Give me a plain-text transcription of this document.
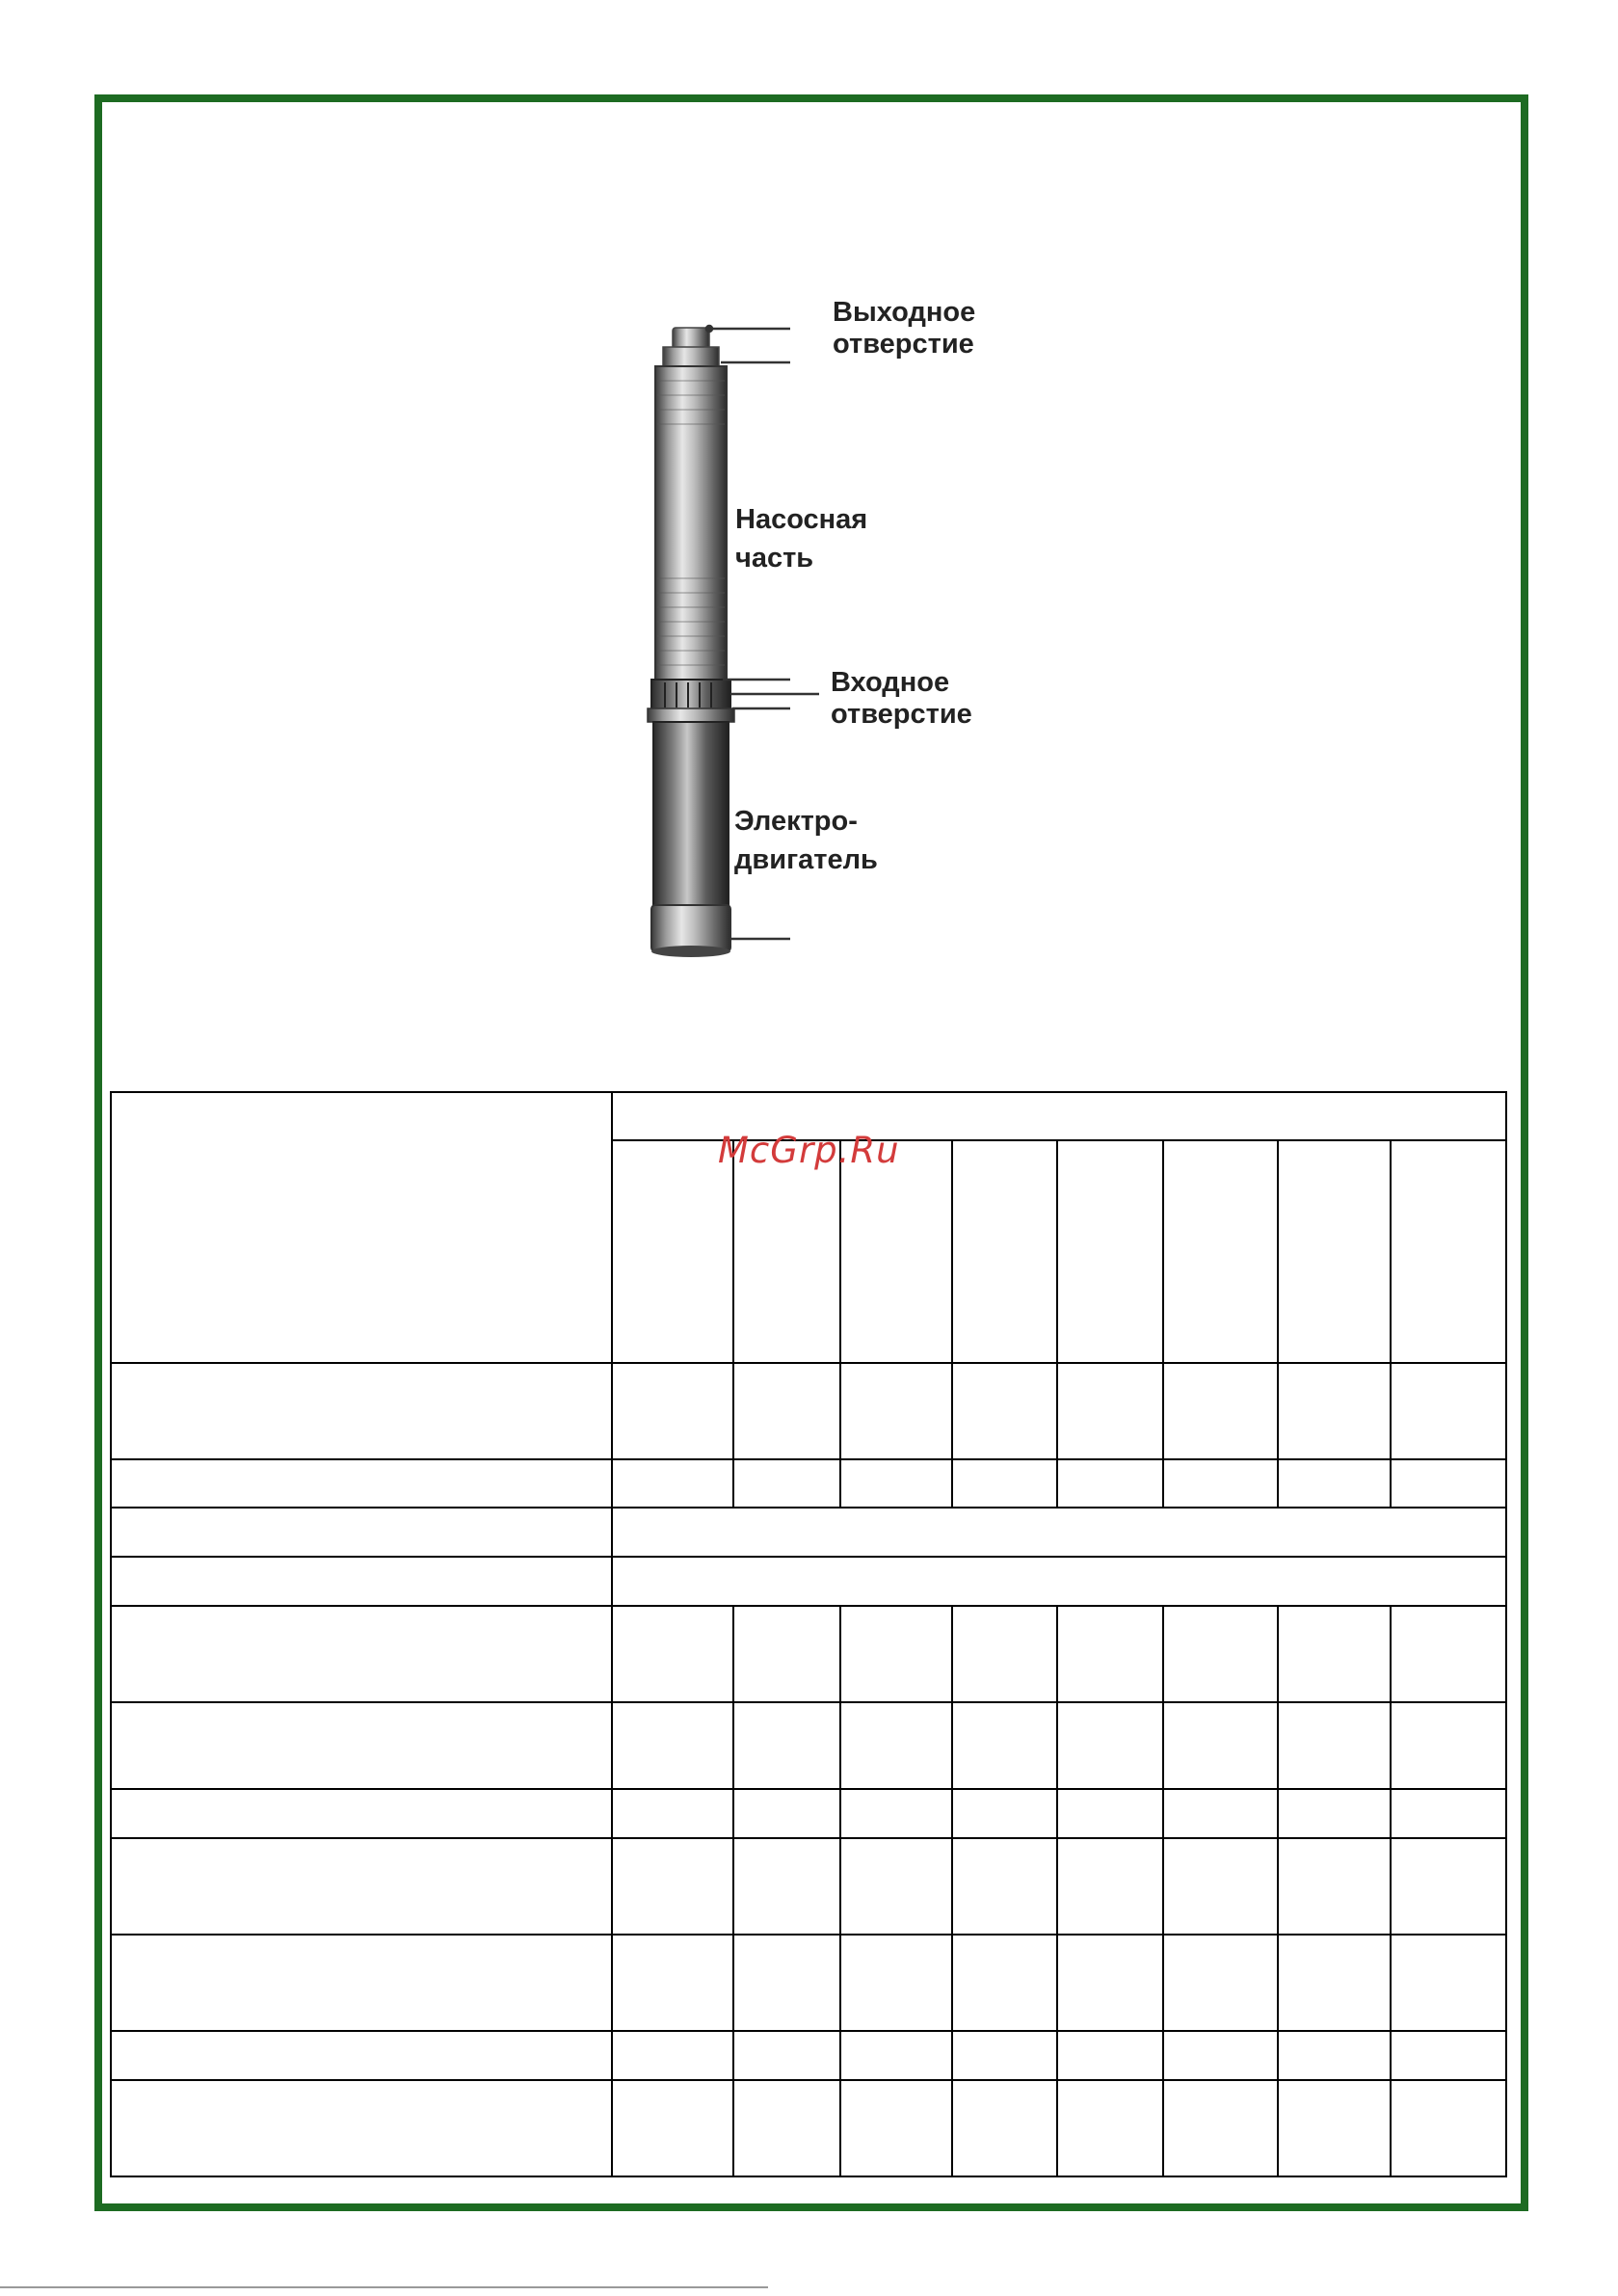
Выходное
отверстие
Насосная
часть
Входное
отверстие
Электро-
двигатель

McGrp.Ru
